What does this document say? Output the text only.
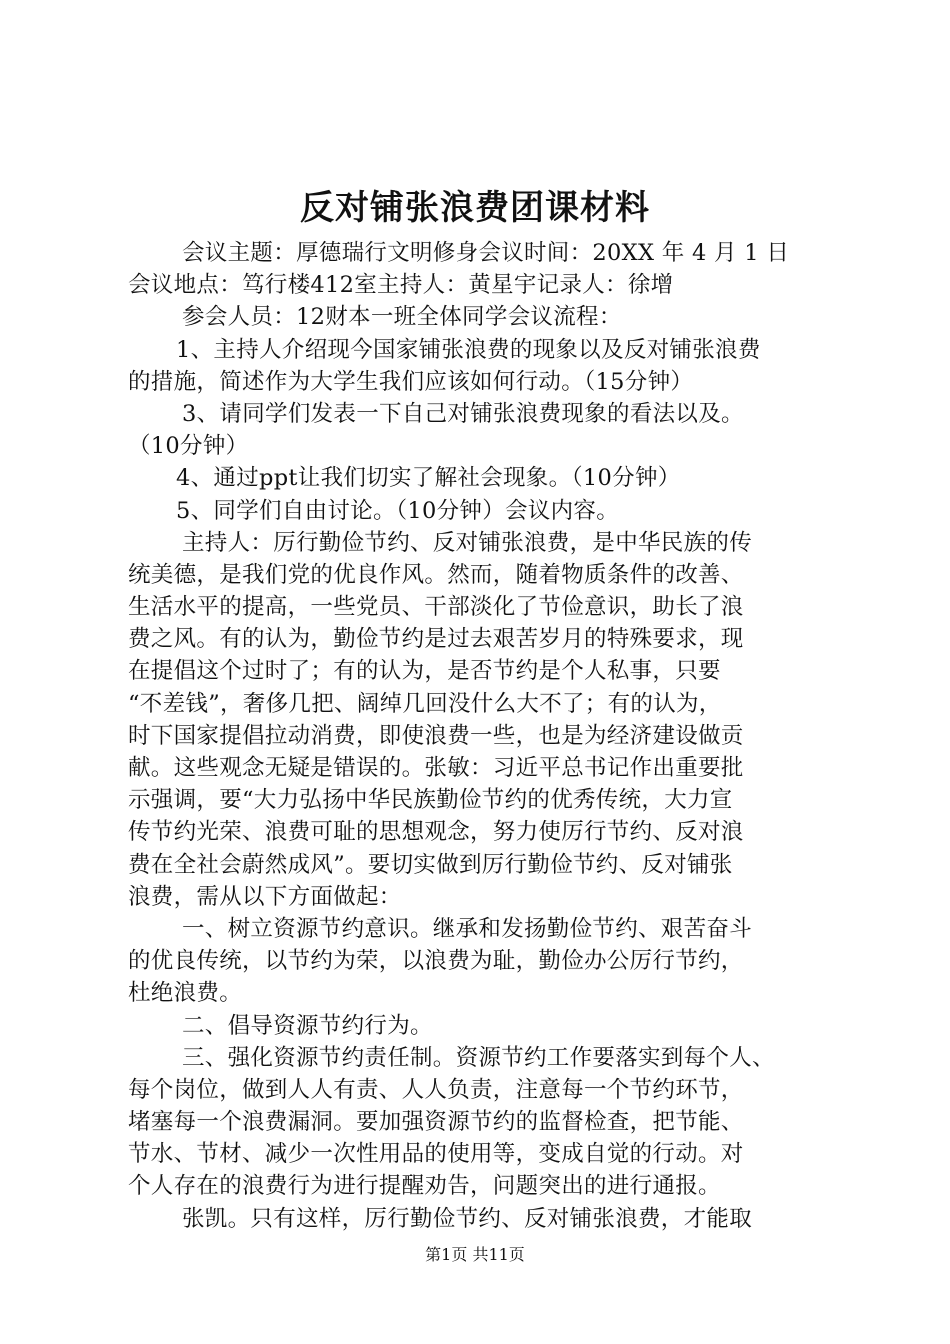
反对铺张浪费团课材料
会议主题：厚德瑞行文明修身会议时间：20XX 年 4 月 1 日
会议地点：笃行楼412室主持人：黄星宇记录人：徐增
参会人员：12财本一班全体同学会议流程：
1、主持人介绍现今国家铺张浪费的现象以及反对铺张浪费
的措施，简述作为大学生我们应该如何行动。（15分钟）
3、请同学们发表一下自己对铺张浪费现象的看法以及。
（10分钟）
4、通过ppt让我们切实了解社会现象。（10分钟）
5、同学们自由讨论。（10分钟）会议内容。
主持人：厉行勤俭节约、反对铺张浪费，是中华民族的传
统美德，是我们党的优良作风。然而，随着物质条件的改善、
生活水平的提高，一些党员、干部淡化了节俭意识，助长了浪
费之风。有的认为，勤俭节约是过去艰苦岁月的特殊要求，现
在提倡这个过时了；有的认为，是否节约是个人私事，只要
“不差钱”，奢侈几把、阔绰几回没什么大不了；有的认为，
时下国家提倡拉动消费，即使浪费一些，也是为经济建设做贡
献。这些观念无疑是错误的。张敏：习近平总书记作出重要批
示强调，要“大力弘扬中华民族勤俭节约的优秀传统，大力宣
传节约光荣、浪费可耻的思想观念，努力使厉行节约、反对浪
费在全社会蔚然成风”。要切实做到厉行勤俭节约、反对铺张
浪费，需从以下方面做起：
一、树立资源节约意识。继承和发扬勤俭节约、艰苦奋斗
的优良传统，以节约为荣，以浪费为耻，勤俭办公厉行节约，
杜绝浪费。
二、倡导资源节约行为。
三、强化资源节约责任制。资源节约工作要落实到每个人、
每个岗位，做到人人有责、人人负责，注意每一个节约环节，
堵塞每一个浪费漏洞。要加强资源节约的监督检查，把节能、
节水、节材、减少一次性用品的使用等，变成自觉的行动。对
个人存在的浪费行为进行提醒劝告，问题突出的进行通报。
张凯。只有这样，厉行勤俭节约、反对铺张浪费，才能取
第1页 共11页
